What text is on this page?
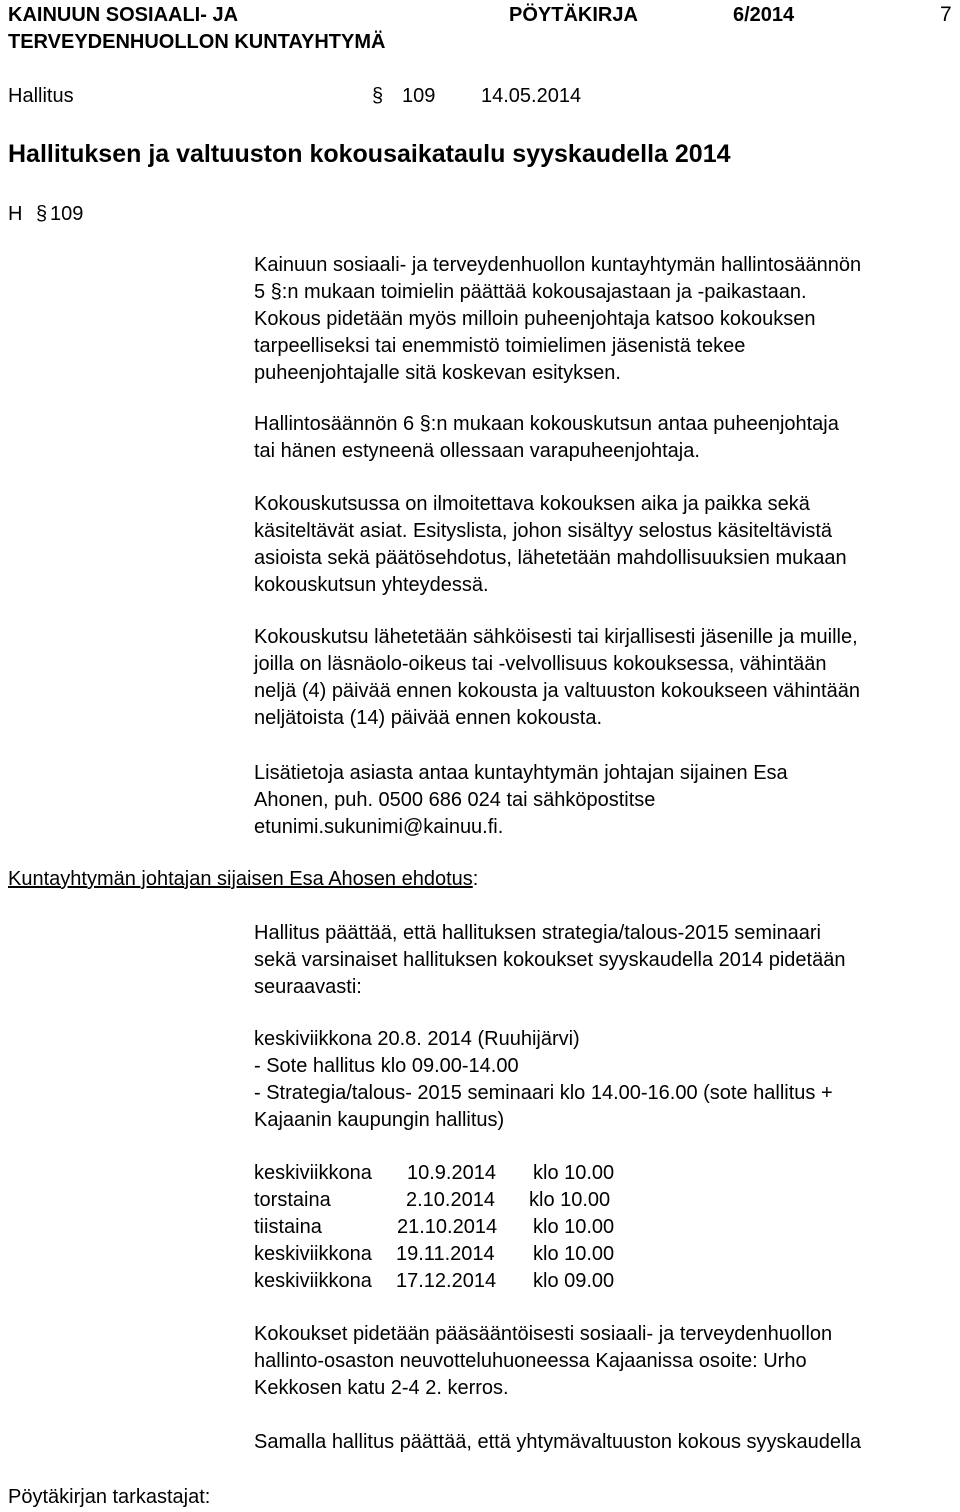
KAINUUN SOSIAALI- JA
TERVEYDENHUOLLON KUNTAYHTYMÄ
PÖYTÄKIRJA	6/2014	7
Hallitus	§ 109 14.05.2014
Hallituksen ja valtuuston kokousaikataulu syyskaudella 2014
H § 109
Kainuun sosiaali- ja terveydenhuollon kuntayhtymän hallintosäännön
5 §:n mukaan toimielin päättää kokousajastaan ja -paikastaan.
Kokous pidetään myös milloin puheenjohtaja katsoo kokouksen
tarpeelliseksi tai enemmistö toimielimen jäsenistä tekee
puheenjohtajalle sitä koskevan esityksen.
Hallintosäännön 6 §:n mukaan kokouskutsun antaa puheenjohtaja
tai hänen estyneenä ollessaan varapuheenjohtaja.
Kokouskutsussa on ilmoitettava kokouksen aika ja paikka sekä
käsiteltävät asiat. Esityslista, johon sisältyy selostus käsiteltävistä
asioista sekä päätösehdotus, lähetetään mahdollisuuksien mukaan
kokouskutsun yhteydessä.
Kokouskutsu lähetetään sähköisesti tai kirjallisesti jäsenille ja muille,
joilla on läsnäolo-oikeus tai -velvollisuus kokouksessa, vähintään
neljä (4) päivää ennen kokousta ja valtuuston kokoukseen vähintään
neljätoista (14) päivää ennen kokousta.
Lisätietoja asiasta antaa kuntayhtymän johtajan sijainen Esa
Ahonen, puh. 0500 686 024 tai sähköpostitse
etunimi.sukunimi@kainuu.fi.
Kuntayhtymän johtajan sijaisen Esa Ahosen ehdotus:
Hallitus päättää, että hallituksen strategia/talous-2015 seminaari
sekä varsinaiset hallituksen kokoukset syyskaudella 2014 pidetään
seuraavasti:
keskiviikkona 20.8. 2014 (Ruuhijärvi)
- Sote hallitus klo 09.00-14.00
- Strategia/talous- 2015 seminaari klo 14.00-16.00 (sote hallitus +
Kajaanin kaupungin hallitus)
keskiviikkona 10.9.2014 klo 10.00
torstaina	2.10.2014 klo 10.00
tiistaina	21.10.2014 klo 10.00
keskiviikkona 19.11.2014 klo 10.00
keskiviikkona 17.12.2014 klo 09.00
Kokoukset pidetään pääsääntöisesti sosiaali- ja terveydenhuollon
hallinto-osaston neuvotteluhuoneessa Kajaanissa osoite: Urho
Kekkosen katu 2-4 2. kerros.
Samalla hallitus päättää, että yhtymävaltuuston kokous syyskaudella
Pöytäkirjan tarkastajat:
